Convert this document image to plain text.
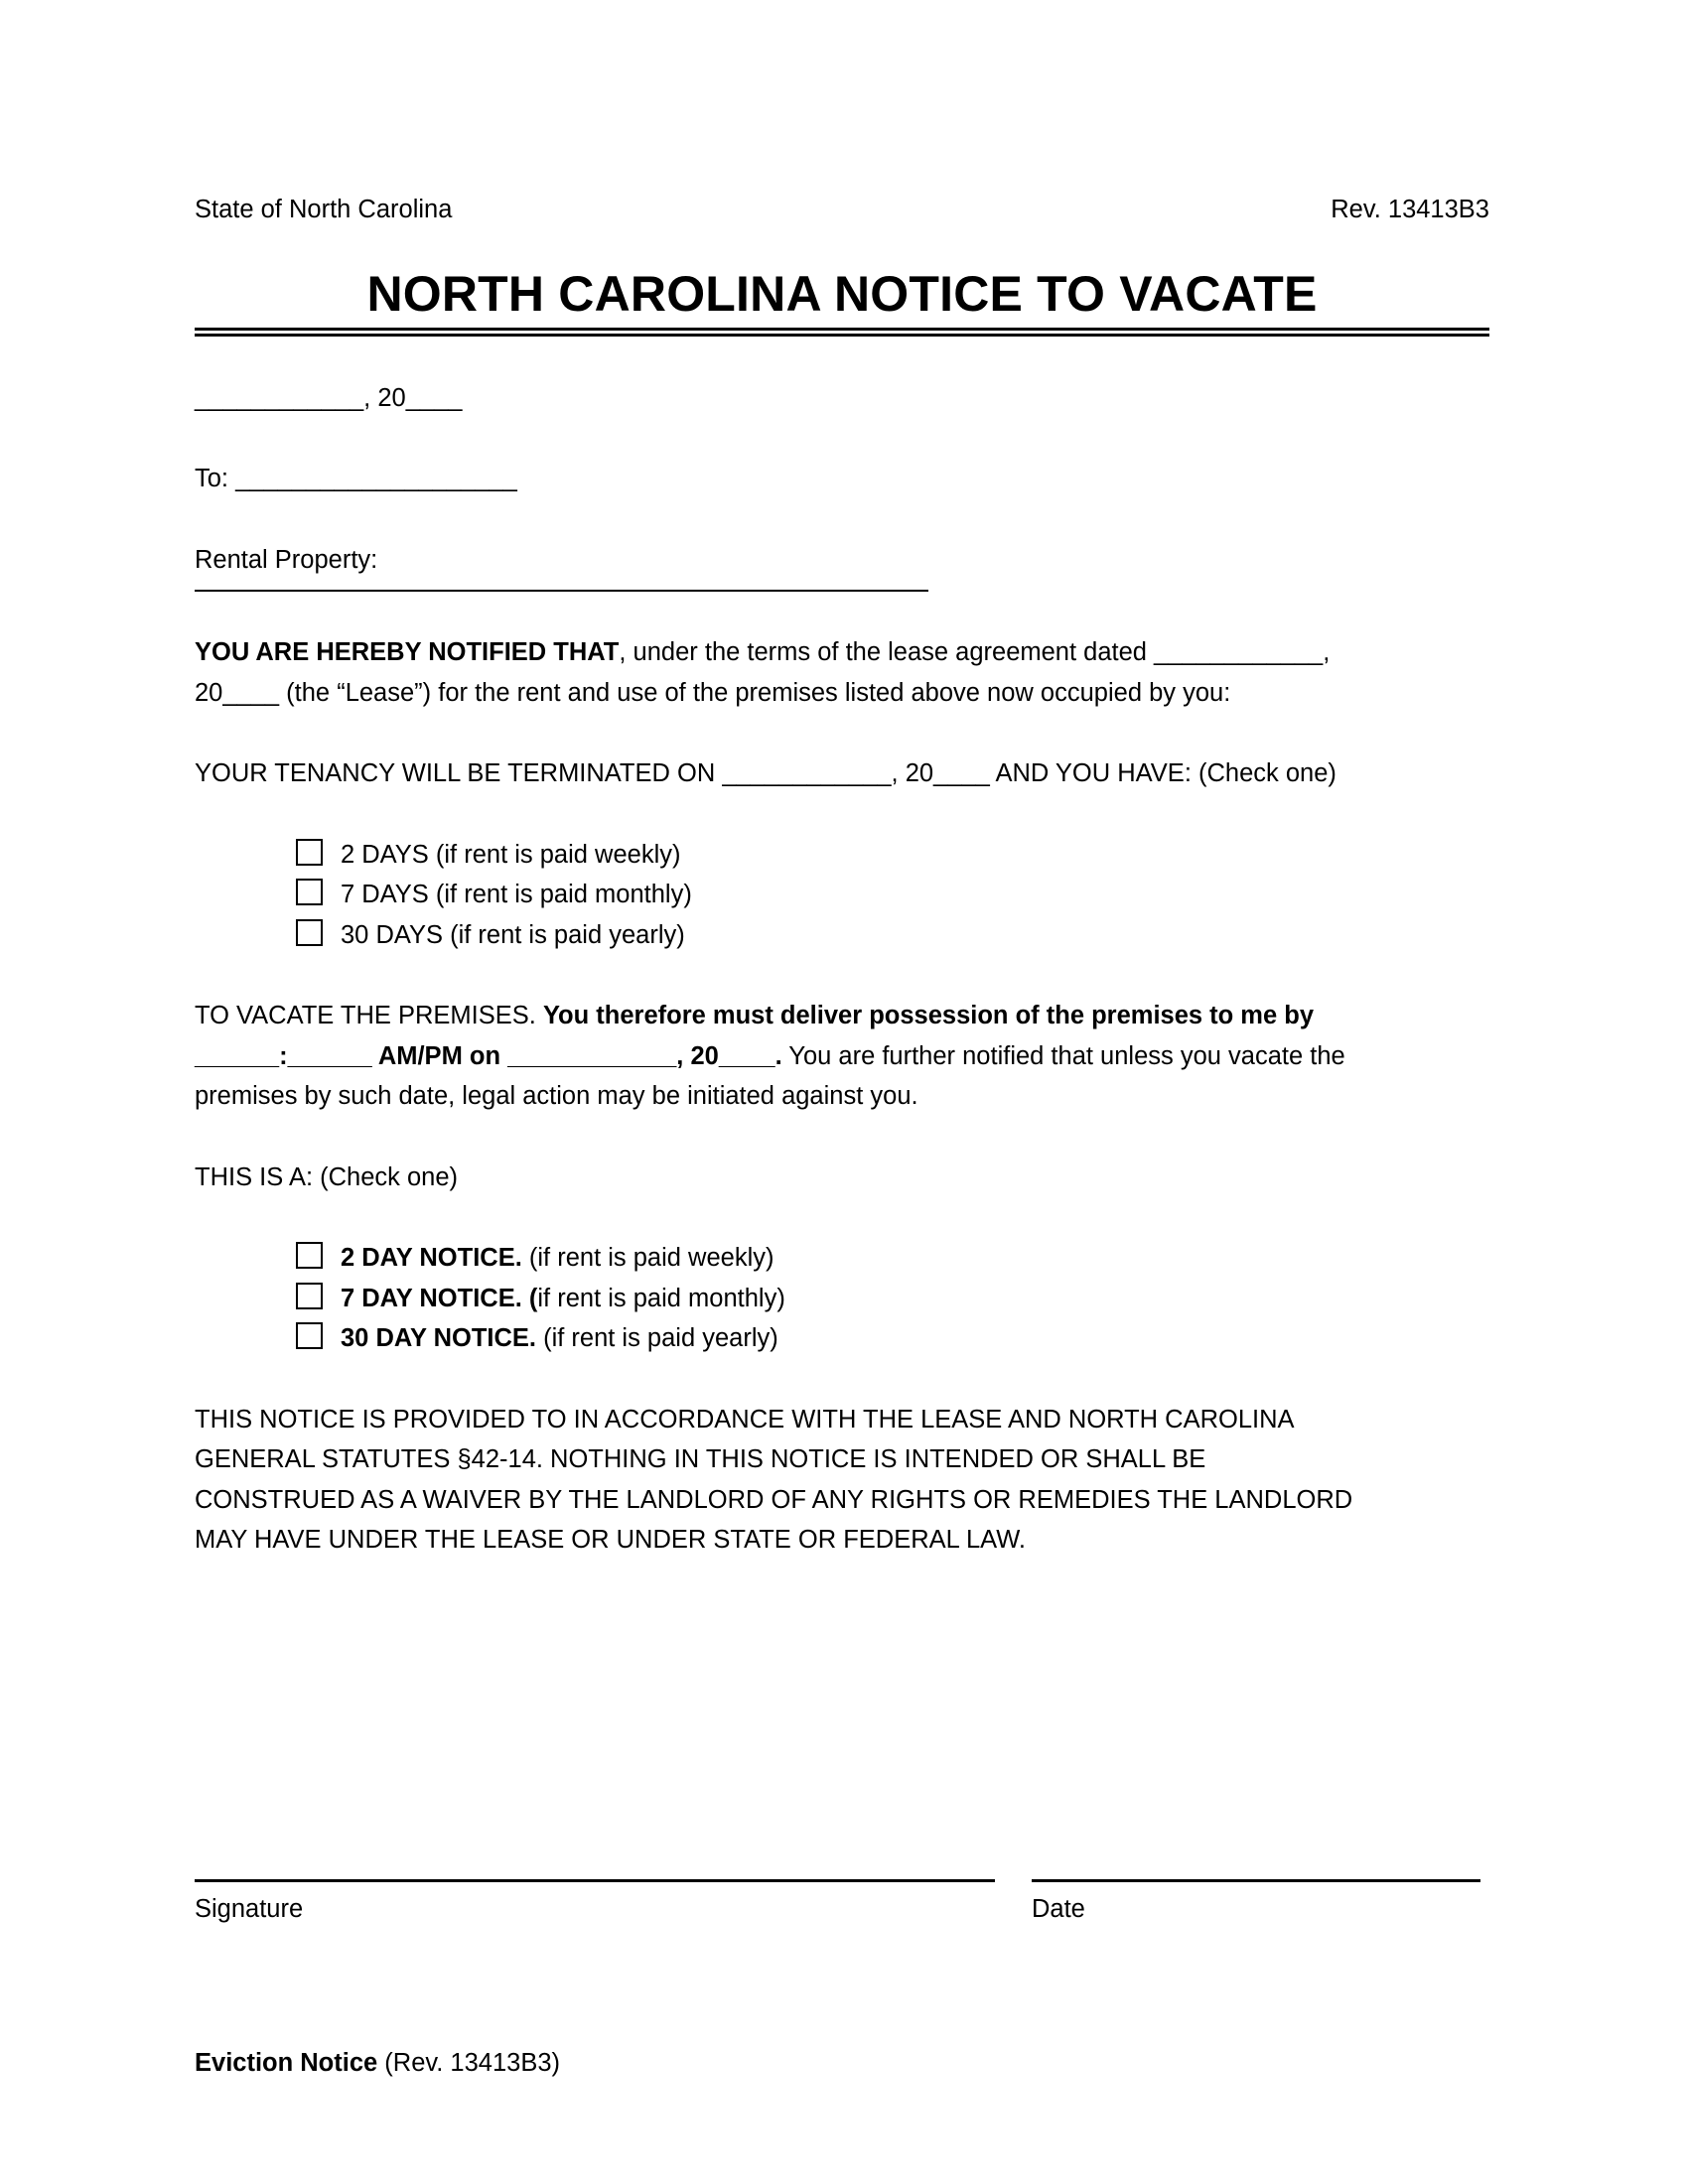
State of North Carolina	Rev. 13413B3
NORTH CAROLINA NOTICE TO VACATE

____________, 20____

To: ____________________

Rental Property:

YOU ARE HEREBY NOTIFIED THAT, under the terms of the lease agreement dated ____________,
20____ (the “Lease”) for the rent and use of the premises listed above now occupied by you:

YOUR TENANCY WILL BE TERMINATED ON ____________, 20____ AND YOU HAVE: (Check one)

2 DAYS (if rent is paid weekly)
7 DAYS (if rent is paid monthly)
30 DAYS (if rent is paid yearly)

TO VACATE THE PREMISES. You therefore must deliver possession of the premises to me by
______:______ AM/PM on ____________, 20____. You are further notified that unless you vacate the
premises by such date, legal action may be initiated against you.

THIS IS A: (Check one)

2 DAY NOTICE. (if rent is paid weekly)
7 DAY NOTICE. (if rent is paid monthly)
30 DAY NOTICE. (if rent is paid yearly)

THIS NOTICE IS PROVIDED TO IN ACCORDANCE WITH THE LEASE AND NORTH CAROLINA
GENERAL STATUTES §42-14. NOTHING IN THIS NOTICE IS INTENDED OR SHALL BE
CONSTRUED AS A WAIVER BY THE LANDLORD OF ANY RIGHTS OR REMEDIES THE LANDLORD
MAY HAVE UNDER THE LEASE OR UNDER STATE OR FEDERAL LAW.

Signature	Date
Eviction Notice (Rev. 13413B3)
